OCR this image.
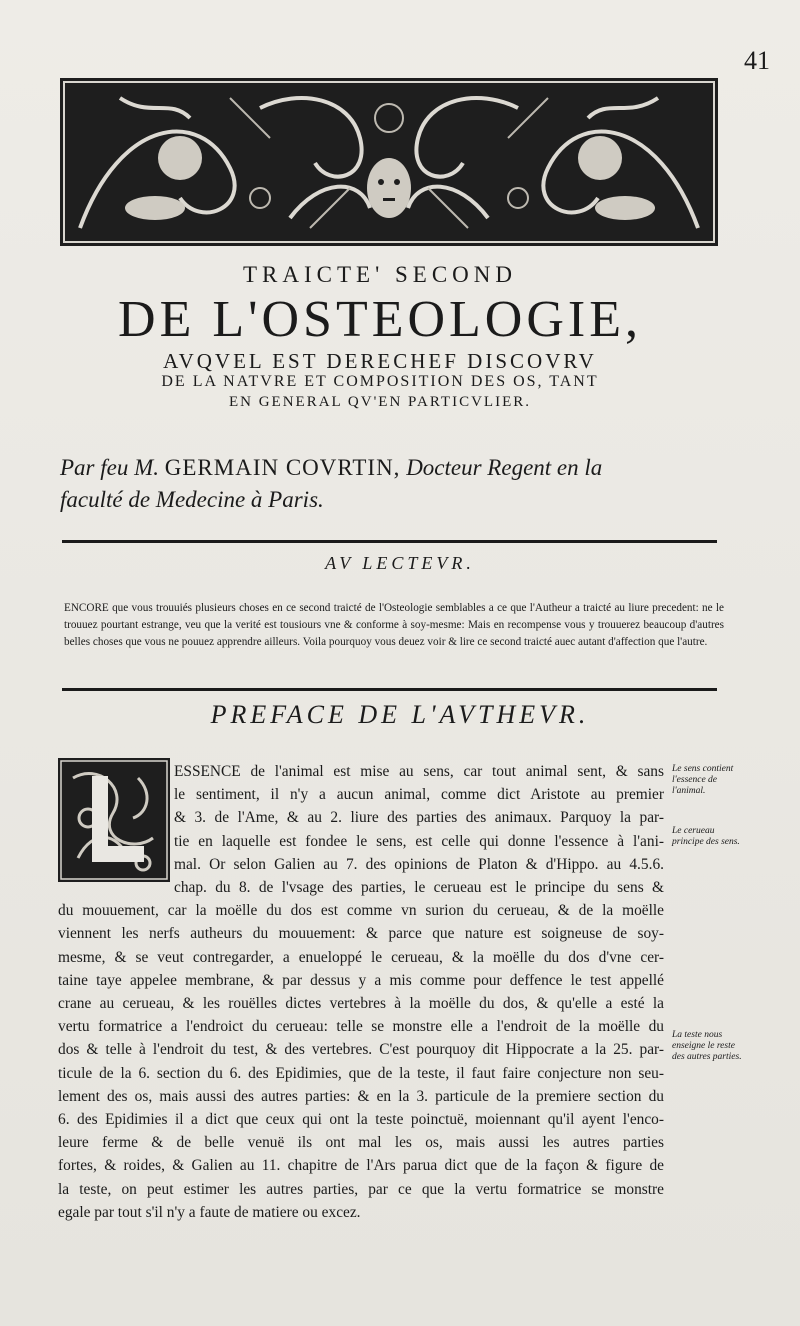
41

TRAICTE' SECOND

DE L'OSTEOLOGIE,

AVQVEL EST DERECHEF DISCOVRV

DE LA NATVRE ET COMPOSITION DES OS, TANT

EN GENERAL QV'EN PARTICVLIER.

Par feu M. GERMAIN COVRTIN, Docteur Regent en la

faculté de Medecine à Paris.

AV LECTEVR.
ENCORE que vous trouuiés plusieurs choses en ce second traicté de l'Osteologie semblables a ce que l'Autheur a traicté au liure precedent: ne le trouuez pourtant estrange, veu que la verité est tousiours vne & conforme à soy-mesme: Mais en recompense vous y trouuerez beaucoup d'autres belles choses que vous ne pouuez apprendre ailleurs. Voila pourquoy vous deuez voir & lire ce second traicté auec autant d'affection que l'autre.
PREFACE DE L'AVTHEVR.
ESSENCE de l'animal est mise au sens, car tout animal sent, & sans
le sentiment, il n'y a aucun animal, comme dict Aristote au premier
& 3. de l'Ame, & au 2. liure des parties des animaux. Parquoy la par-
tie en laquelle est fondee le sens, est celle qui donne l'essence à l'ani-
mal. Or selon Galien au 7. des opinions de Platon & d'Hippo. au 4.5.6.
chap. du 8. de l'vsage des parties, le cerueau est le principe du sens &
du mouuement, car la moëlle du dos est comme vn surion du cerueau, & de la moëlle
viennent les nerfs autheurs du mouuement: & parce que nature est soigneuse de soy-
mesme, & se veut contregarder, a enueloppé le cerueau, & la moëlle du dos d'vne cer-
taine taye appelee membrane, & par dessus y a mis comme pour deffence le test appellé
crane au cerueau, & les rouëlles dictes vertebres à la moëlle du dos, & qu'elle a esté la
vertu formatrice a l'endroict du cerueau: telle se monstre elle a l'endroit de la moëlle du
dos & telle à l'endroit du test, & des vertebres. C'est pourquoy dit Hippocrate a la 25. par-
ticule de la 6. section du 6. des Epidimies, que de la teste, il faut faire conjecture non seu-
lement des os, mais aussi des autres parties: & en la 3. particule de la premiere section du
6. des Epidimies il a dict que ceux qui ont la teste poinctuë, moiennant qu'il ayent l'enco-
leure ferme & de belle venuë ils ont mal les os, mais aussi les autres parties
fortes, & roides, & Galien au 11. chapitre de l'Ars parua dict que de la façon & figure de
la teste, on peut estimer les autres parties, par ce que la vertu formatrice se monstre
egale par tout s'il n'y a faute de matiere ou excez.
Le sens contient l'essence de l'animal.
Le cerueau principe des sens.
La teste nous enseigne le reste des autres parties.
